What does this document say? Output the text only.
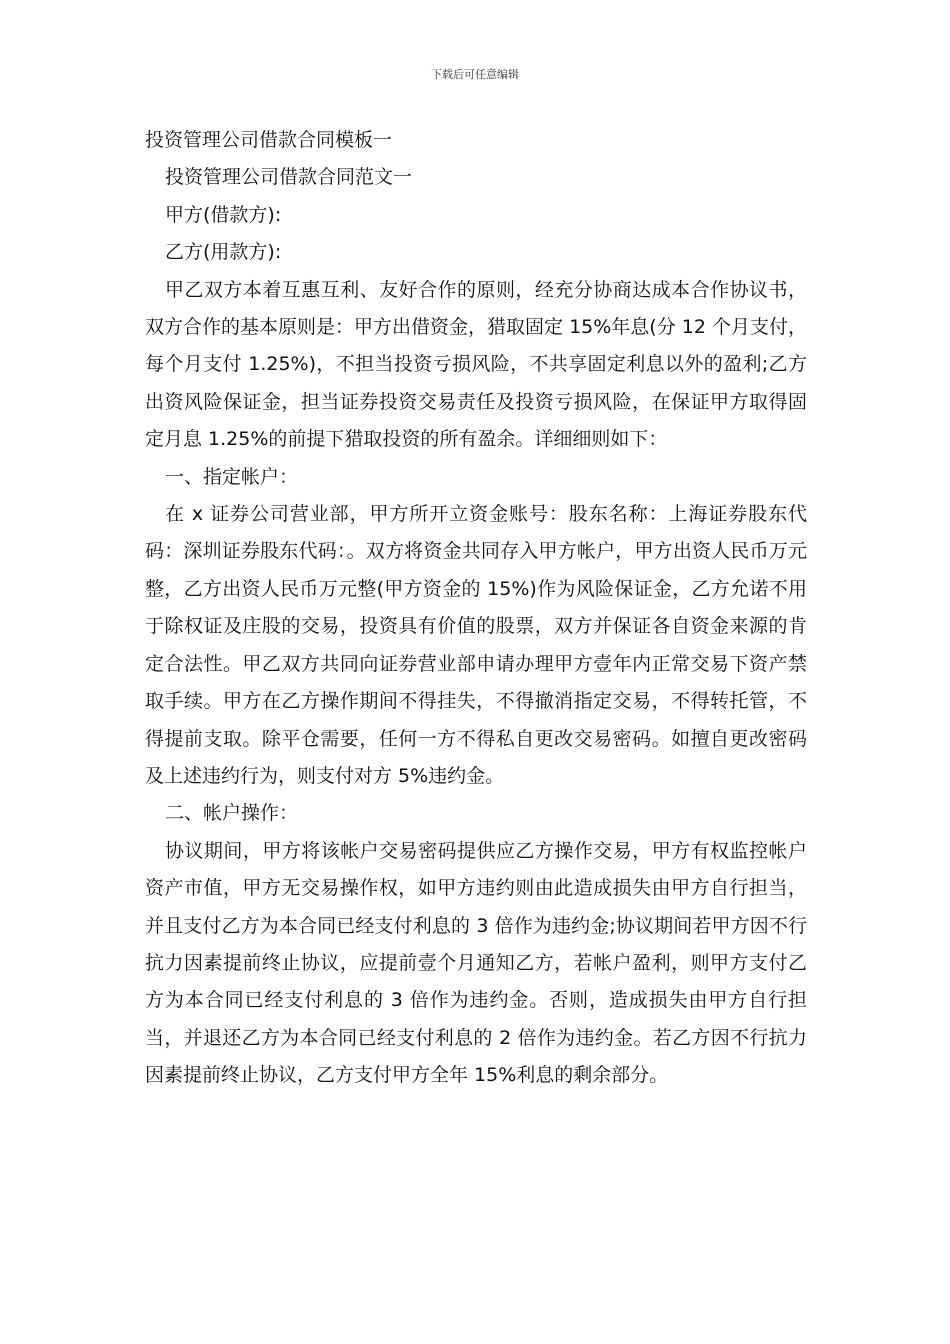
下载后可任意编辑
投资管理公司借款合同模板一
投资管理公司借款合同范文一
甲方(借款方):
乙方(用款方):

甲乙双方本着互惠互利、友好合作的原则，经充分协商达成本合作协议书，双方合作的基本原则是：甲方出借资金，猎取固定 15%年息(分 12 个月支付，每个月支付 1.25%)，不担当投资亏损风险，不共享固定利息以外的盈利;乙方出资风险保证金，担当证券投资交易责任及投资亏损风险，在保证甲方取得固定月息 1.25%的前提下猎取投资的所有盈余。详细细则如下：

一、指定帐户：

在 x 证券公司营业部，甲方所开立资金账号：股东名称：上海证券股东代码：深圳证券股东代码：。双方将资金共同存入甲方帐户，甲方出资人民币万元整，乙方出资人民币万元整(甲方资金的 15%)作为风险保证金，乙方允诺不用于除权证及庄股的交易，投资具有价值的股票，双方并保证各自资金来源的肯定合法性。甲乙双方共同向证券营业部申请办理甲方壹年内正常交易下资产禁取手续。甲方在乙方操作期间不得挂失，不得撤消指定交易，不得转托管，不得提前支取。除平仓需要，任何一方不得私自更改交易密码。如擅自更改密码及上述违约行为，则支付对方 5%违约金。

二、帐户操作：

协议期间，甲方将该帐户交易密码提供应乙方操作交易，甲方有权监控帐户资产市值，甲方无交易操作权，如甲方违约则由此造成损失由甲方自行担当，并且支付乙方为本合同已经支付利息的 3 倍作为违约金;协议期间若甲方因不行抗力因素提前终止协议，应提前壹个月通知乙方，若帐户盈利，则甲方支付乙方为本合同已经支付利息的 3 倍作为违约金。否则，造成损失由甲方自行担当，并退还乙方为本合同已经支付利息的 2 倍作为违约金。若乙方因不行抗力因素提前终止协议，乙方支付甲方全年 15%利息的剩余部分。
